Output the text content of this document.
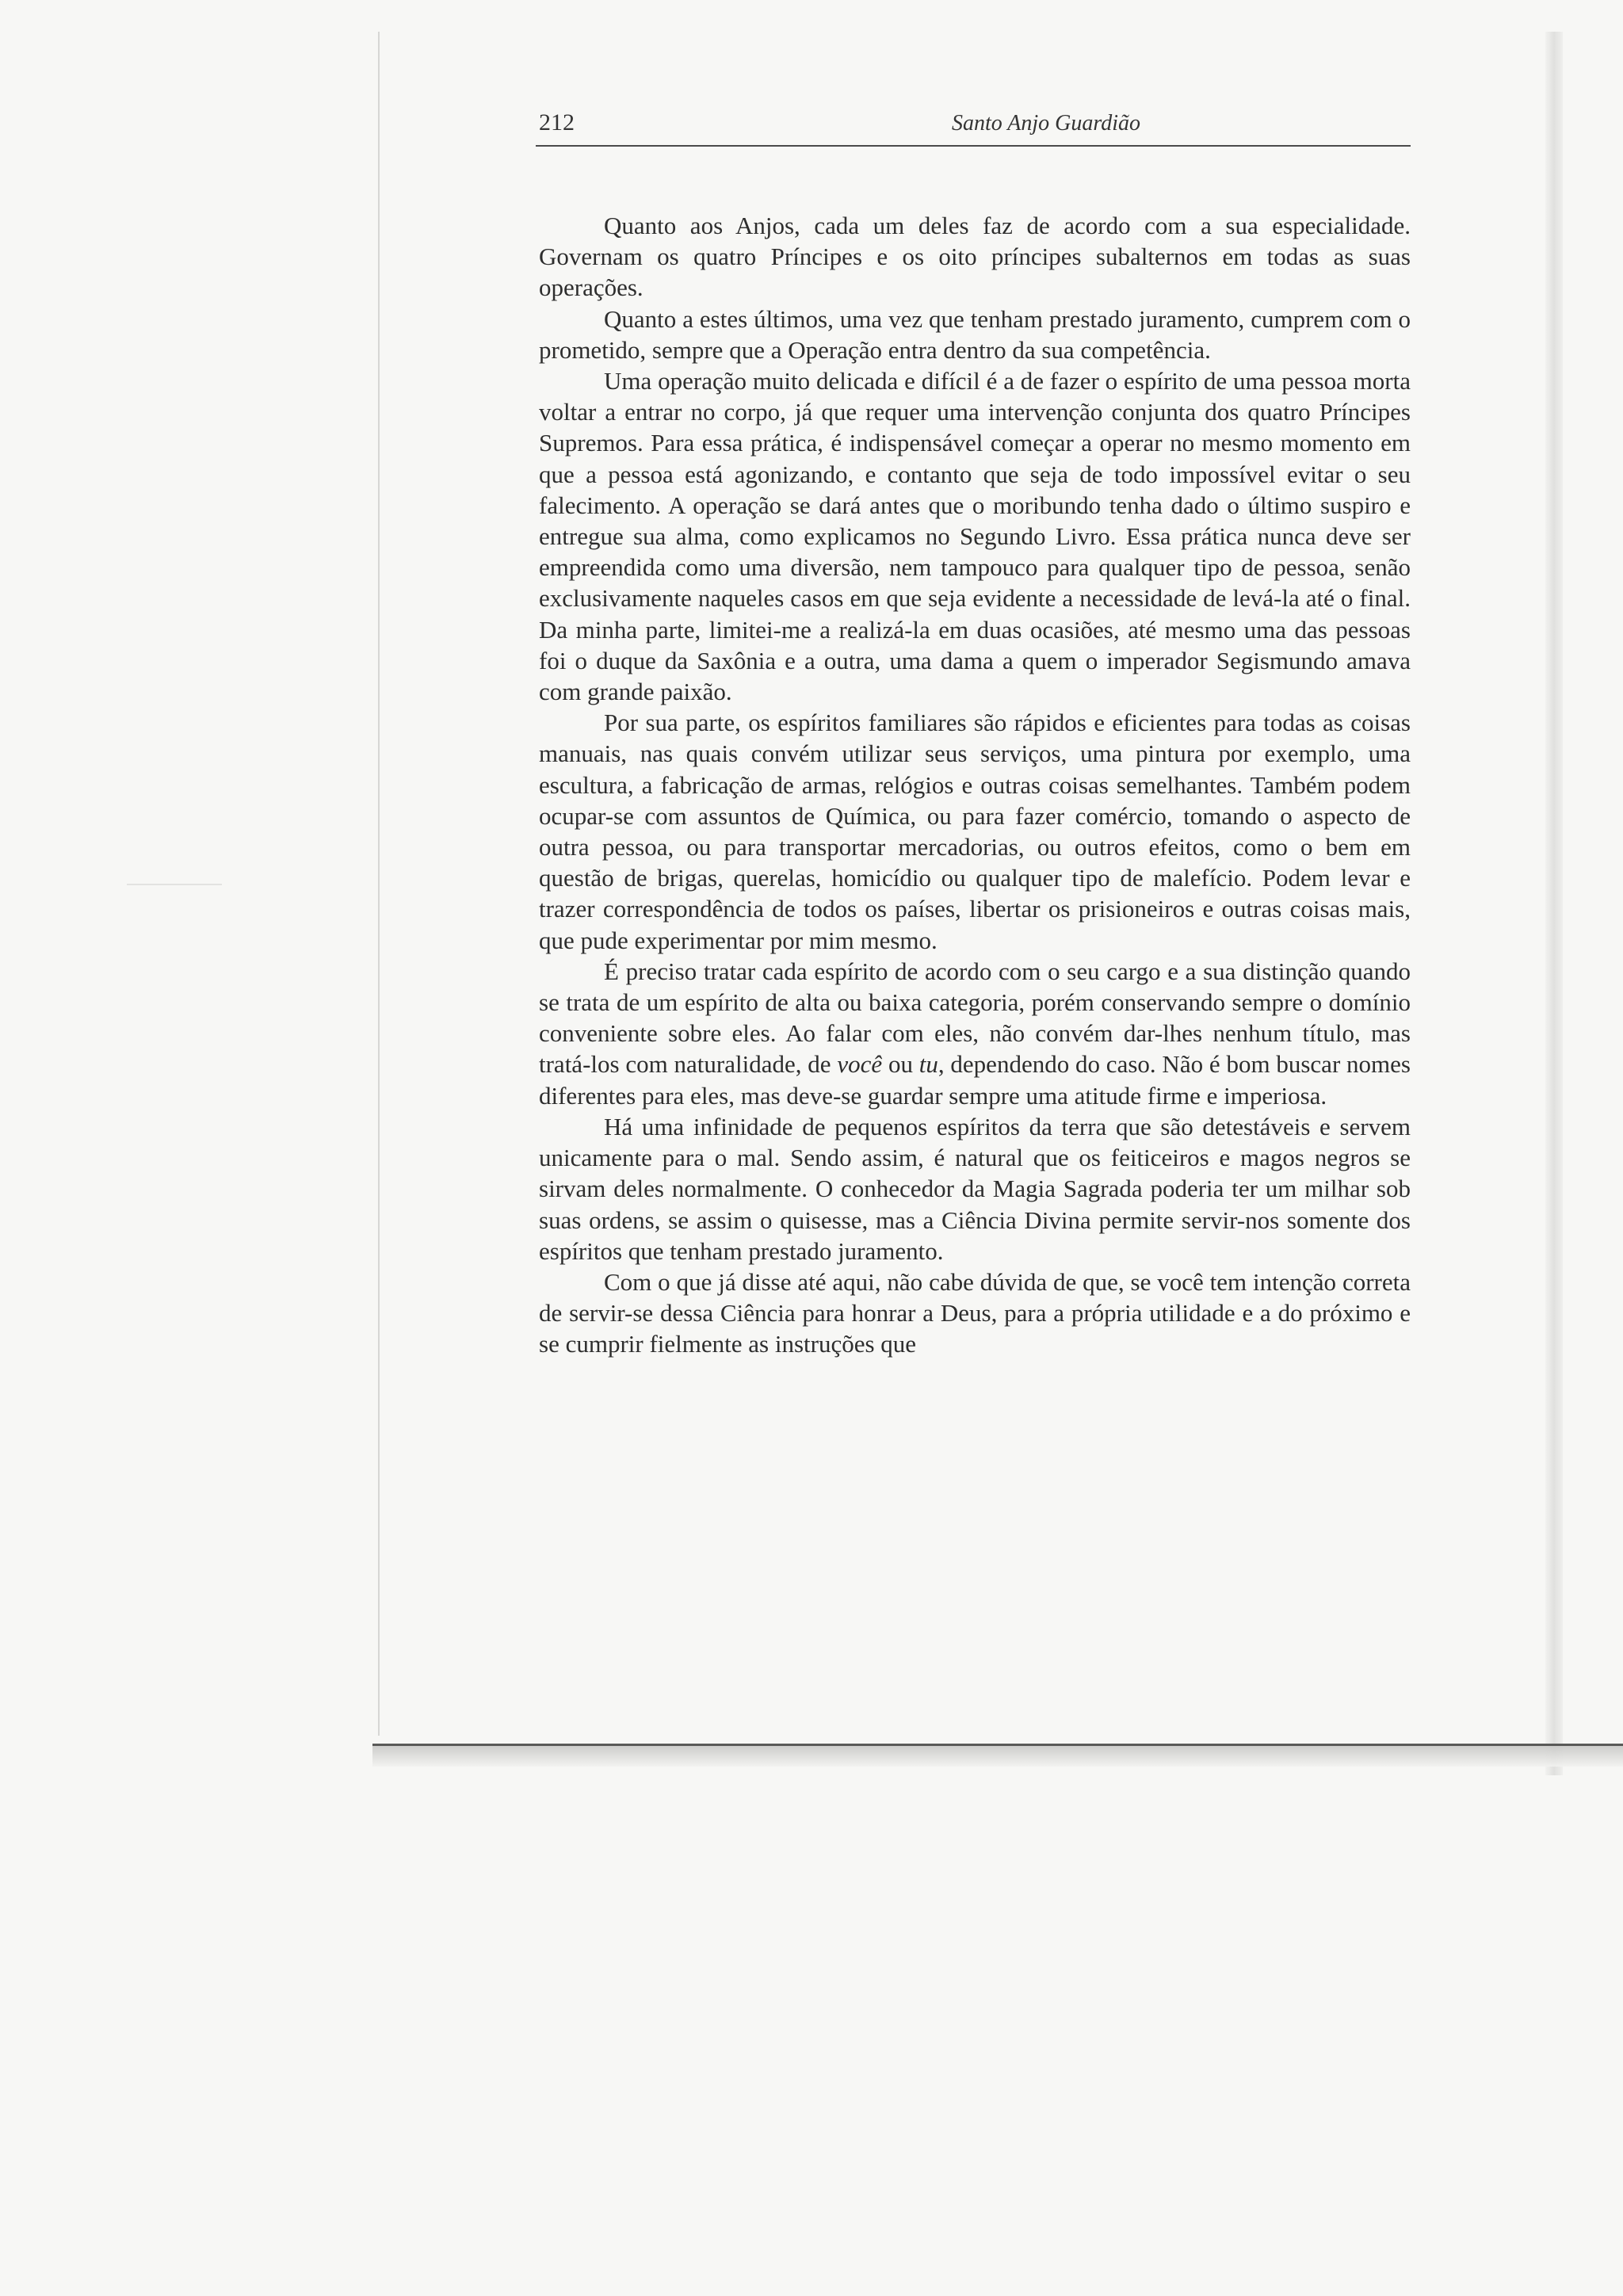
212	Santo Anjo Guardião

Quanto aos Anjos, cada um deles faz de acordo com a sua especialidade. Governam os quatro Príncipes e os oito príncipes subalternos em todas as suas operações.

Quanto a estes últimos, uma vez que tenham prestado juramento, cumprem com o prometido, sempre que a Operação entra dentro da sua competência.

Uma operação muito delicada e difícil é a de fazer o espírito de uma pessoa morta voltar a entrar no corpo, já que requer uma intervenção conjunta dos quatro Príncipes Supremos. Para essa prática, é indispensável começar a operar no mesmo momento em que a pessoa está agonizando, e contanto que seja de todo impossível evitar o seu falecimento. A operação se dará antes que o moribundo tenha dado o último suspiro e entregue sua alma, como explicamos no Segundo Livro. Essa prática nunca deve ser empreendida como uma diversão, nem tampouco para qualquer tipo de pessoa, senão exclusivamente naqueles casos em que seja evidente a necessidade de levá-la até o final. Da minha parte, limitei-me a realizá-la em duas ocasiões, até mesmo uma das pessoas foi o duque da Saxônia e a outra, uma dama a quem o imperador Segismundo amava com grande paixão.

Por sua parte, os espíritos familiares são rápidos e eficientes para todas as coisas manuais, nas quais convém utilizar seus serviços, uma pintura por exemplo, uma escultura, a fabricação de armas, relógios e outras coisas semelhantes. Também podem ocupar-se com assuntos de Química, ou para fazer comércio, tomando o aspecto de outra pessoa, ou para transportar mercadorias, ou outros efeitos, como o bem em questão de brigas, querelas, homicídio ou qualquer tipo de malefício. Podem levar e trazer correspondência de todos os países, libertar os prisioneiros e outras coisas mais, que pude experimentar por mim mesmo.

É preciso tratar cada espírito de acordo com o seu cargo e a sua distinção quando se trata de um espírito de alta ou baixa categoria, porém conservando sempre o domínio conveniente sobre eles. Ao falar com eles, não convém dar-lhes nenhum título, mas tratá-los com naturalidade, de você ou tu, dependendo do caso. Não é bom buscar nomes diferentes para eles, mas deve-se guardar sempre uma atitude firme e imperiosa.

Há uma infinidade de pequenos espíritos da terra que são detestáveis e servem unicamente para o mal. Sendo assim, é natural que os feiticeiros e magos negros se sirvam deles normalmente. O conhecedor da Magia Sagrada poderia ter um milhar sob suas ordens, se assim o quisesse, mas a Ciência Divina permite servir-nos somente dos espíritos que tenham prestado juramento.

Com o que já disse até aqui, não cabe dúvida de que, se você tem intenção correta de servir-se dessa Ciência para honrar a Deus, para a própria utilidade e a do próximo e se cumprir fielmente as instruções que
